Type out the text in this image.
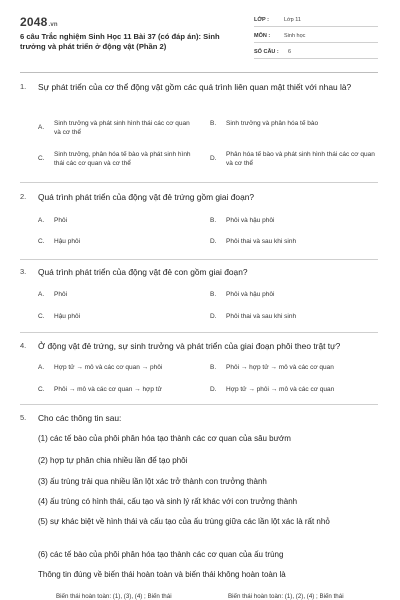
2048.vn
6 câu Trắc nghiệm Sinh Học 11 Bài 37 (có đáp án): Sinh trưởng và phát triển ở động vật (Phần 2)
LỚP :	Lớp 11
MÔN :	Sinh học
SỐ CÂU : 6
1. Sự phát triển của cơ thể động vật gồm các quá trình liên quan mật thiết với nhau là?
A.
Sinh trưởng và phát sinh hình thái các cơ quan và cơ thể
B. Sinh trưởng và phân hóa tế bào
C.
Sinh trưởng, phân hóa tế bào và phát sinh hình thái các cơ quan và cơ thể
D.
Phân hóa tế bào và phát sinh hình thái các cơ quan và cơ thể
2. Quá trình phát triển của động vật đẻ trứng gồm giai đoạn?
A. Phôi	B. Phôi và hậu phôi
C. Hậu phôi	D. Phôi thai và sau khi sinh
3. Quá trình phát triển của động vật đẻ con gồm giai đoạn?
A. Phôi	B. Phôi và hậu phôi
C. Hậu phôi	D. Phôi thai và sau khi sinh
4. Ở động vật đẻ trứng, sự sinh trưởng và phát triển của giai đoạn phôi theo trật tự?
A. Hợp tử → mô và các cơ quan → phôi	B. Phôi → hợp tử → mô và các cơ quan
C. Phôi → mô và các cơ quan → hợp tử	D. Hợp tử → phôi → mô và các cơ quan
5. Cho các thông tin sau:
(1) các tế bào của phôi phân hóa tạo thành các cơ quan của sâu bướm
(2) hợp tự phân chia nhiều lần để tạo phôi
(3) ấu trùng trải qua nhiều lần lột xác trở thành con trưởng thành
(4) ấu trùng có hình thái, cấu tạo và sinh lý rất khác với con trưởng thành
(5) sự khác biệt về hình thái và cấu tạo của ấu trùng giữa các lần lột xác là rất nhỏ
(6) các tế bào của phôi phân hóa tạo thành các cơ quan của ấu trùng
Thông tin đúng về biến thái hoàn toàn và biến thái không hoàn toàn là
Biến thái hoàn toàn: (1), (3), (4) ; Biến thái	Biến thái hoàn toàn: (1), (2), (4) ; Biến thái
